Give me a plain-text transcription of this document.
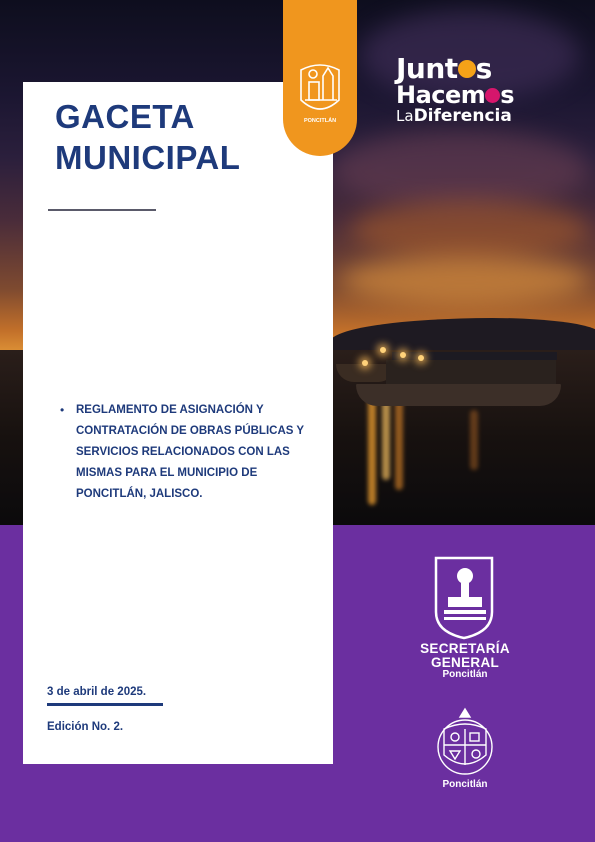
GACETA
MUNICIPAL
•	REGLAMENTO DE ASIGNACIÓN Y CONTRATACIÓN DE OBRAS PÚBLICAS Y SERVICIOS RELACIONADOS CON LAS MISMAS PARA EL MUNICIPIO DE PONCITLÁN, JALISCO.
3 de abril de 2025.
Edición No. 2.
PONCITLÁN
Junt s
Hacem s
LaDiferencia
SECRETARÍA
GENERAL
Poncitlán
Poncitlán
